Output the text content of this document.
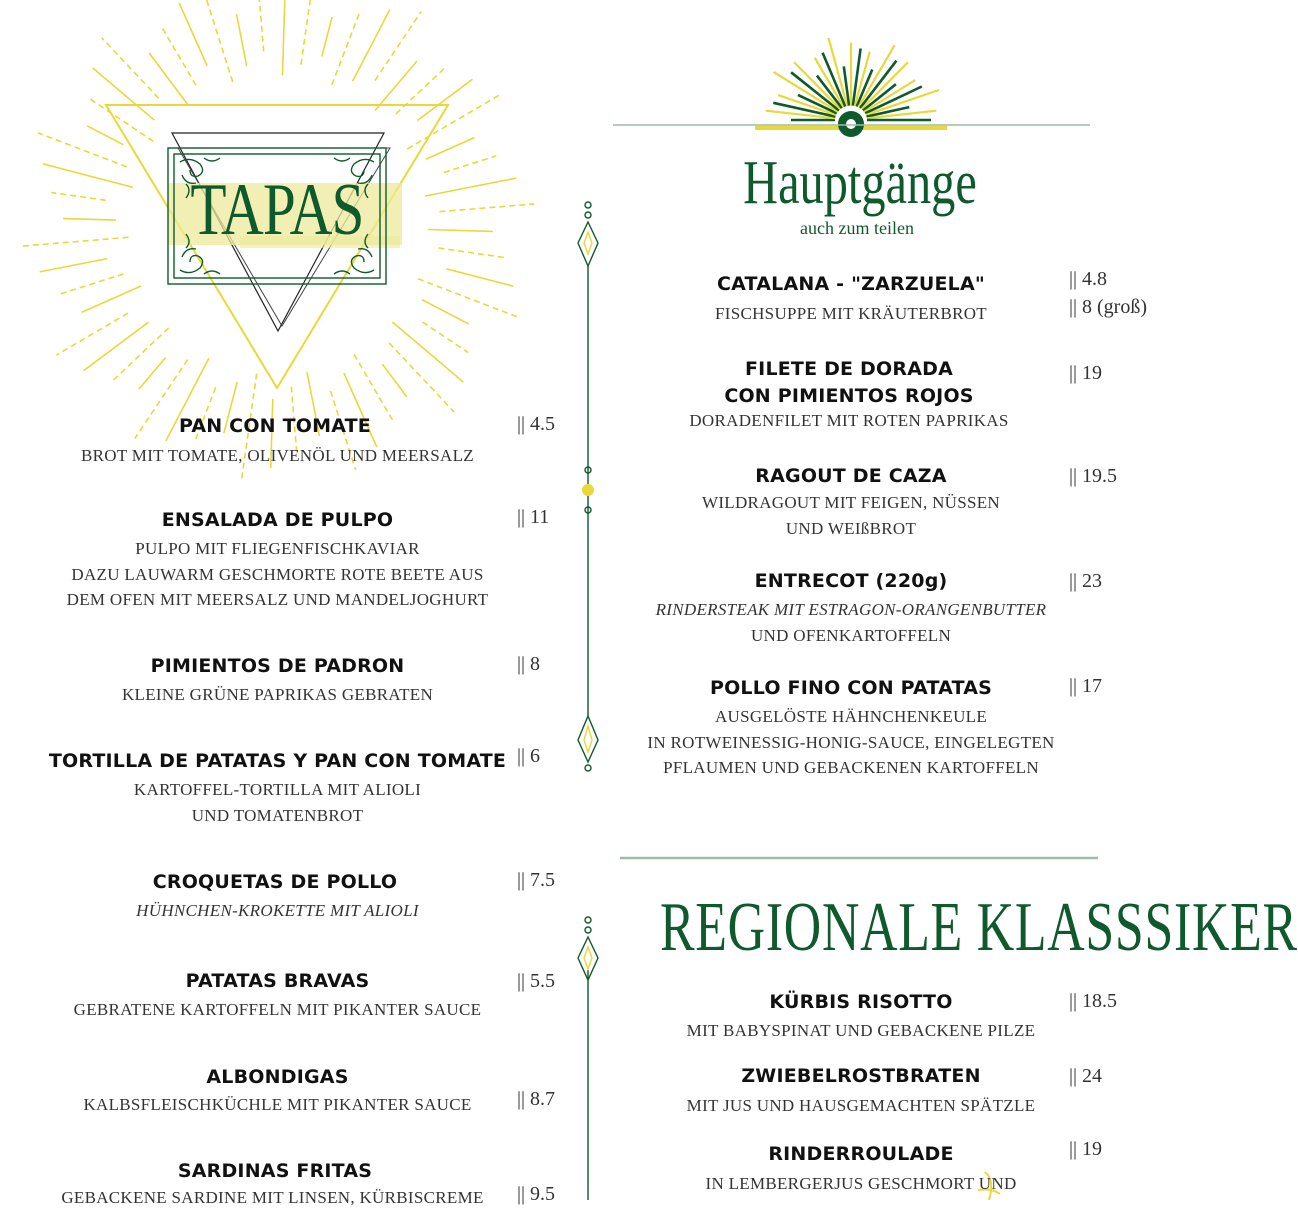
TAPAS	Hauptgänge
auch zum teilen
REGIONALE KLASSSIKER
PAN CON TOMATE
BROT MIT TOMATE, OLIVENÖL UND MEERSALZ
|| 4.5
ENSALADA DE PULPO
PULPO MIT FLIEGENFISCHKAVIAR
DAZU LAUWARM GESCHMORTE ROTE BEETE AUS
DEM OFEN MIT MEERSALZ UND MANDELJOGHURT
|| 11
PIMIENTOS DE PADRON
KLEINE GRÜNE PAPRIKAS GEBRATEN
|| 8
TORTILLA DE PATATAS Y PAN CON TOMATE
KARTOFFEL-TORTILLA MIT ALIOLI
UND TOMATENBROT
|| 6
CROQUETAS DE POLLO
HÜHNCHEN-KROKETTE MIT ALIOLI
|| 7.5
PATATAS BRAVAS
GEBRATENE KARTOFFELN MIT PIKANTER SAUCE
|| 5.5
ALBONDIGAS
KALBSFLEISCHKÜCHLE MIT PIKANTER SAUCE	|| 8.7
SARDINAS FRITAS
GEBACKENE SARDINE MIT LINSEN, KÜRBISCREME	|| 9.5
CATALANA - "ZARZUELA"
FISCHSUPPE MIT KRÄUTERBROT
|| 4.8
|| 8 (groß)
FILETE DE DORADA
CON PIMIENTOS ROJOS
DORADENFILET MIT ROTEN PAPRIKAS
|| 19
RAGOUT DE CAZA
WILDRAGOUT MIT FEIGEN, NÜSSEN
UND WEIßBROT
|| 19.5
ENTRECOT (220g)
RINDERSTEAK MIT ESTRAGON-ORANGENBUTTER
UND OFENKARTOFFELN
|| 23
POLLO FINO CON PATATAS
AUSGELÖSTE HÄHNCHENKEULE
IN ROTWEINESSIG-HONIG-SAUCE, EINGELEGTEN
PFLAUMEN UND GEBACKENEN KARTOFFELN
|| 17
KÜRBIS RISOTTO
MIT BABYSPINAT UND GEBACKENE PILZE
|| 18.5
ZWIEBELROSTBRATEN
MIT JUS UND HAUSGEMACHTEN SPÄTZLE
|| 24
RINDERROULADE
IN LEMBERGERJUS GESCHMORT UND
|| 19
